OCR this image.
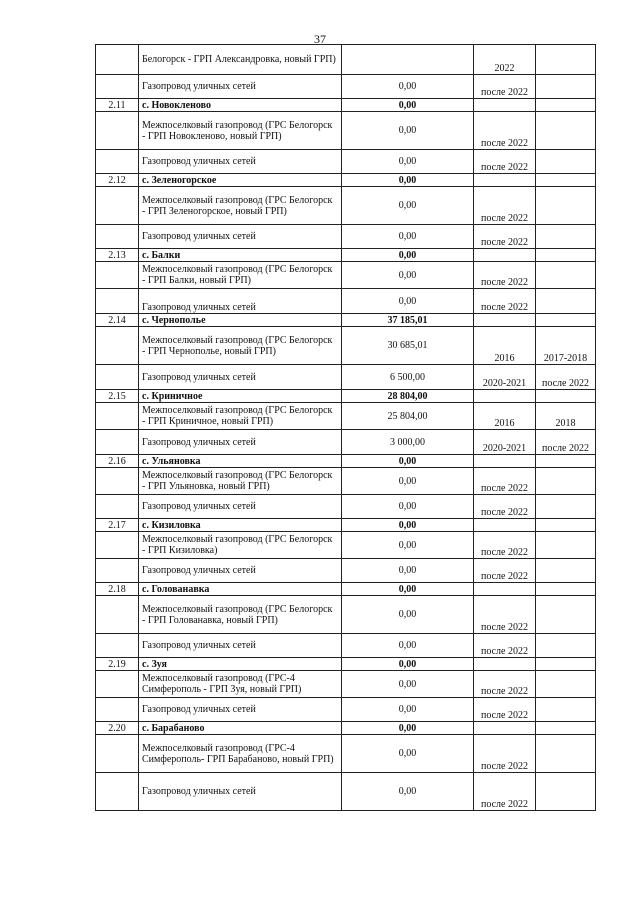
37
	Белогорск - ГРП Александровка, новый ГРП)		2022	
	Газопровод уличных сетей	0,00	после 2022	
2.11	с. Новокленово	0,00		
	Межпоселковый газопровод (ГРС Белогорск - ГРП Новокленово, новый ГРП)	0,00	после 2022	
	Газопровод уличных сетей	0,00	после 2022	
2.12	с. Зеленогорское	0,00		
	Межпоселковый газопровод (ГРС Белогорск - ГРП Зеленогорское, новый ГРП)	0,00	после 2022	
	Газопровод уличных сетей	0,00	после 2022	
2.13	с. Балки	0,00		
	Межпоселковый газопровод (ГРС Белогорск - ГРП Балки, новый ГРП)	0,00	после 2022	
	Газопровод уличных сетей	0,00	после 2022	
2.14	с. Чернополье	37 185,01		
	Межпоселковый газопровод (ГРС Белогорск - ГРП Чернополье, новый ГРП)	30 685,01	2016	2017-2018
	Газопровод уличных сетей	6 500,00	2020-2021	после 2022
2.15	с. Криничное	28 804,00		
	Межпоселковый газопровод (ГРС Белогорск - ГРП Криничное, новый ГРП)	25 804,00	2016	2018
	Газопровод уличных сетей	3 000,00	2020-2021	после 2022
2.16	с. Ульяновка	0,00		
	Межпоселковый газопровод (ГРС Белогорск - ГРП Ульяновка, новый ГРП)	0,00	после 2022	
	Газопровод уличных сетей	0,00	после 2022	
2.17	с. Кизиловка	0,00		
	Межпоселковый газопровод (ГРС Белогорск - ГРП Кизиловка)	0,00	после 2022	
	Газопровод уличных сетей	0,00	после 2022	
2.18	с. Голованавка	0,00		
	Межпоселковый газопровод (ГРС Белогорск - ГРП Голованавка, новый ГРП)	0,00	после 2022	
	Газопровод уличных сетей	0,00	после 2022	
2.19	с. Зуя	0,00		
	Межпоселковый газопровод (ГРС-4 Симферополь - ГРП Зуя, новый ГРП)	0,00	после 2022	
	Газопровод уличных сетей	0,00	после 2022	
2.20	с. Барабаново	0,00		
	Межпоселковый газопровод (ГРС-4 Симферополь- ГРП Барабаново, новый ГРП)	0,00	после 2022	
	Газопровод уличных сетей	0,00	после 2022	
